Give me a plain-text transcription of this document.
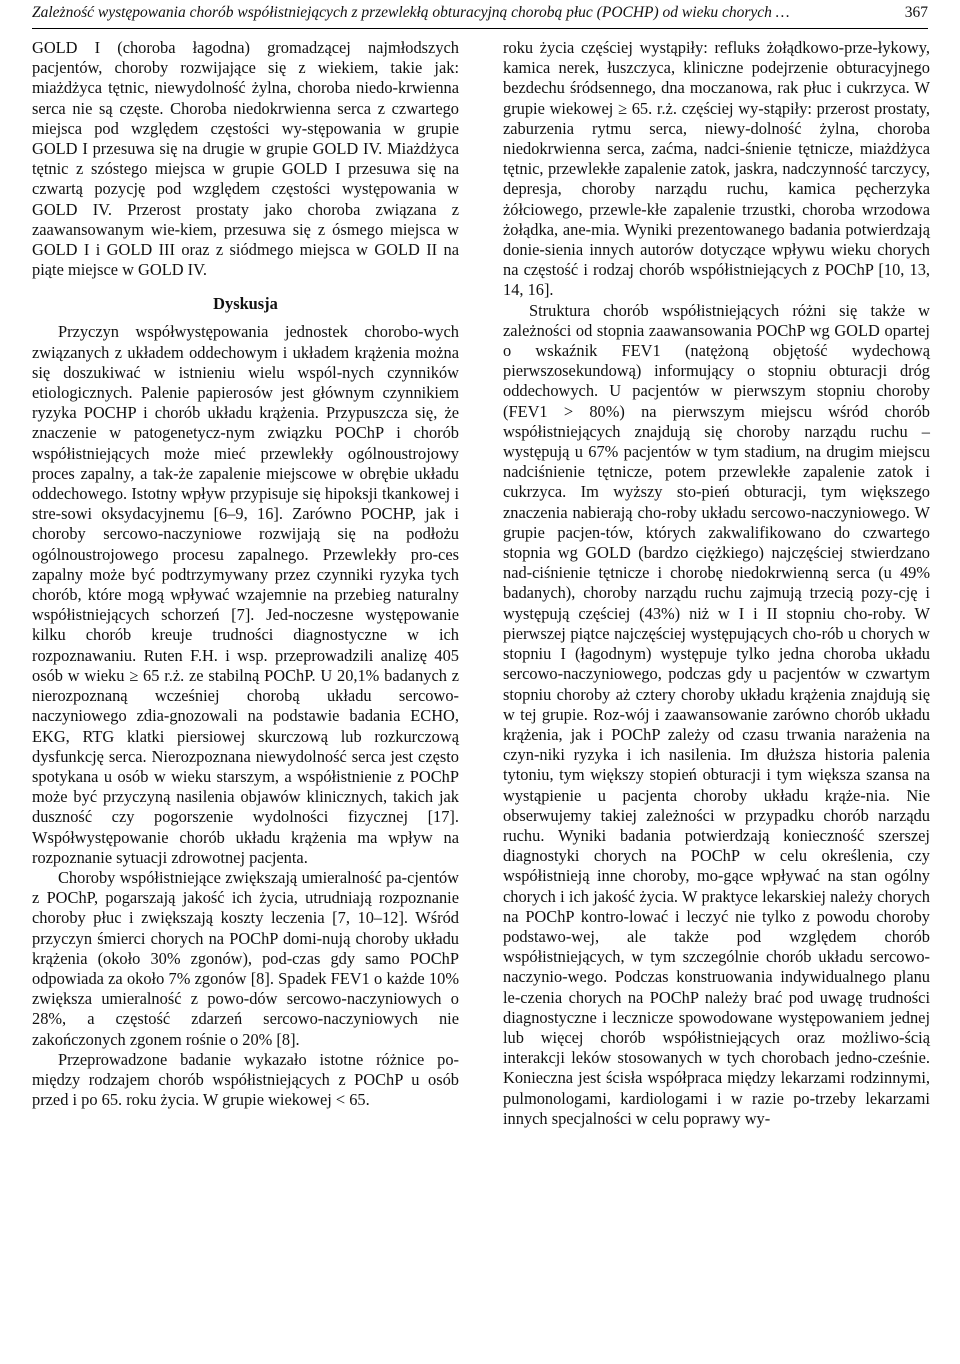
Zależność występowania chorób współistniejących z przewlekłą obturacyjną chorobą płuc (POCHP) od wieku chorych …	367

GOLD I (choroba łagodna) gromadzącej najmłodszych pacjentów, choroby rozwijające się z wiekiem, takie jak: miażdżyca tętnic, niewydolność żylna, choroba niedo-krwienna serca nie są częste. Choroba niedokrwienna serca z czwartego miejsca pod względem częstości wy-stępowania w grupie GOLD I przesuwa się na drugie w grupie GOLD IV. Miażdżyca tętnic z szóstego miejsca w grupie GOLD I przesuwa się na czwartą pozycję pod względem częstości występowania w GOLD IV. Przerost prostaty jako choroba związana z zaawansowanym wie-kiem, przesuwa się z ósmego miejsca w GOLD I i GOLD III oraz z siódmego miejsca w GOLD II na piąte miejsce w GOLD IV.

Dyskusja

Przyczyn współwystępowania jednostek chorobo-wych związanych z układem oddechowym i układem krążenia można się doszukiwać w istnieniu wielu wspól-nych czynników etiologicznych. Palenie papierosów jest głównym czynnikiem ryzyka POCHP i chorób układu krążenia. Przypuszcza się, że znaczenie w patogenetycz-nym związku POChP i chorób współistniejących może mieć przewlekły ogólnoustrojowy proces zapalny, a tak-że zapalenie miejscowe w obrębie układu oddechowego. Istotny wpływ przypisuje się hipoksji tkankowej i stre-sowi oksydacyjnemu [6–9, 16]. Zarówno POCHP, jak i choroby sercowo-naczyniowe rozwijają się na podłożu ogólnoustrojowego procesu zapalnego. Przewlekły pro-ces zapalny może być podtrzymywany przez czynniki ryzyka tych chorób, które mogą wpływać wzajemnie na przebieg naturalny współistniejących schorzeń [7]. Jed-noczesne występowanie kilku chorób kreuje trudności diagnostyczne w ich rozpoznawaniu. Ruten F.H. i wsp. przeprowadzili analizę 405 osób w wieku ≥ 65 r.ż. ze stabilną POChP. U 20,1% badanych z nierozpoznaną wcześniej chorobą układu sercowo-naczyniowego zdia-gnozowali na podstawie badania ECHO, EKG, RTG klatki piersiowej skurczową lub rozkurczową dysfunkcję serca. Nierozpoznana niewydolność serca jest często spotykana u osób w wieku starszym, a współistnienie z POChP może być przyczyną nasilenia objawów klinicznych, takich jak duszność czy pogorszenie wydolności fizycznej [17]. Współwystępowanie chorób układu krążenia ma wpływ na rozpoznanie sytuacji zdrowotnej pacjenta.

Choroby współistniejące zwiększają umieralność pa-cjentów z POChP, pogarszają jakość ich życia, utrudniają rozpoznanie choroby płuc i zwiększają koszty leczenia [7, 10–12]. Wśród przyczyn śmierci chorych na POChP domi-nują choroby układu krążenia (około 30% zgonów), pod-czas gdy samo POChP odpowiada za około 7% zgonów [8]. Spadek FEV1 o każde 10% zwiększa umieralność z powo-dów sercowo-naczyniowych o 28%, a częstość zdarzeń sercowo-naczyniowych nie zakończonych zgonem rośnie o 20% [8].

Przeprowadzone badanie wykazało istotne różnice po-między rodzajem chorób współistniejących z POChP u osób przed i po 65. roku życia. W grupie wiekowej < 65.

roku życia częściej wystąpiły: refluks żołądkowo-prze-łykowy, kamica nerek, łuszczyca, kliniczne podejrzenie obturacyjnego bezdechu śródsennego, dna moczanowa, rak płuc i cukrzyca. W grupie wiekowej ≥ 65. r.ż. częściej wy-stąpiły: przerost prostaty, zaburzenia rytmu serca, niewy-dolność żylna, choroba niedokrwienna serca, zaćma, nadci-śnienie tętnicze, miażdżyca tętnic, przewlekłe zapalenie zatok, jaskra, nadczynność tarczycy, depresja, choroby narządu ruchu, kamica pęcherzyka żółciowego, przewle-kłe zapalenie trzustki, choroba wrzodowa żołądka, ane-mia. Wyniki prezentowanego badania potwierdzają donie-sienia innych autorów dotyczące wpływu wieku chorych na częstość i rodzaj chorób współistniejących z POChP [10, 13, 14, 16].

Struktura chorób współistniejących różni się także w zależności od stopnia zaawansowania POChP wg GOLD opartej o wskaźnik FEV1 (natężoną objętość wydechową pierwszosekundową) informujący o stopniu obturacji dróg oddechowych. U pacjentów w pierwszym stopniu choroby (FEV1 > 80%) na pierwszym miejscu wśród chorób współistniejących znajdują się choroby narządu ruchu – występują u 67% pacjentów w tym stadium, na drugim miejscu nadciśnienie tętnicze, potem przewlekłe zapalenie zatok i cukrzyca. Im wyższy sto-pień obturacji, tym większego znaczenia nabierają cho-roby układu sercowo-naczyniowego. W grupie pacjen-tów, których zakwalifikowano do czwartego stopnia wg GOLD (bardzo ciężkiego) najczęściej stwierdzano nad-ciśnienie tętnicze i chorobę niedokrwienną serca (u 49% badanych), choroby narządu ruchu zajmują trzecią pozy-cję i występują częściej (43%) niż w I i II stopniu cho-roby. W pierwszej piątce najczęściej występujących cho-rób u chorych w stopniu I (łagodnym) występuje tylko jedna choroba układu sercowo-naczyniowego, podczas gdy u pacjentów w czwartym stopniu choroby aż cztery choroby układu krążenia znajdują się w tej grupie. Roz-wój i zaawansowanie zarówno chorób układu krążenia, jak i POChP zależy od czasu trwania narażenia na czyn-niki ryzyka i ich nasilenia. Im dłuższa historia palenia tytoniu, tym większy stopień obturacji i tym większa szansa na wystąpienie u pacjenta choroby układu krąże-nia. Nie obserwujemy takiej zależności w przypadku chorób narządu ruchu. Wyniki badania potwierdzają konieczność szerszej diagnostyki chorych na POChP w celu określenia, czy współistnieją inne choroby, mo-gące wpływać na stan ogólny chorych i ich jakość życia. W praktyce lekarskiej należy chorych na POChP kontro-lować i leczyć nie tylko z powodu choroby podstawo-wej, ale także pod względem chorób współistniejących, w tym szczególnie chorób układu sercowo-naczynio-wego. Podczas konstruowania indywidualnego planu le-czenia chorych na POChP należy brać pod uwagę trudności diagnostyczne i lecznicze spowodowane występowaniem jednej lub więcej chorób współistniejących oraz możliwo-ścią interakcji leków stosowanych w tych chorobach jedno-cześnie. Konieczna jest ścisła współpraca między lekarzami rodzinnymi, pulmonologami, kardiologami i w razie po-trzeby lekarzami innych specjalności w celu poprawy wy-
